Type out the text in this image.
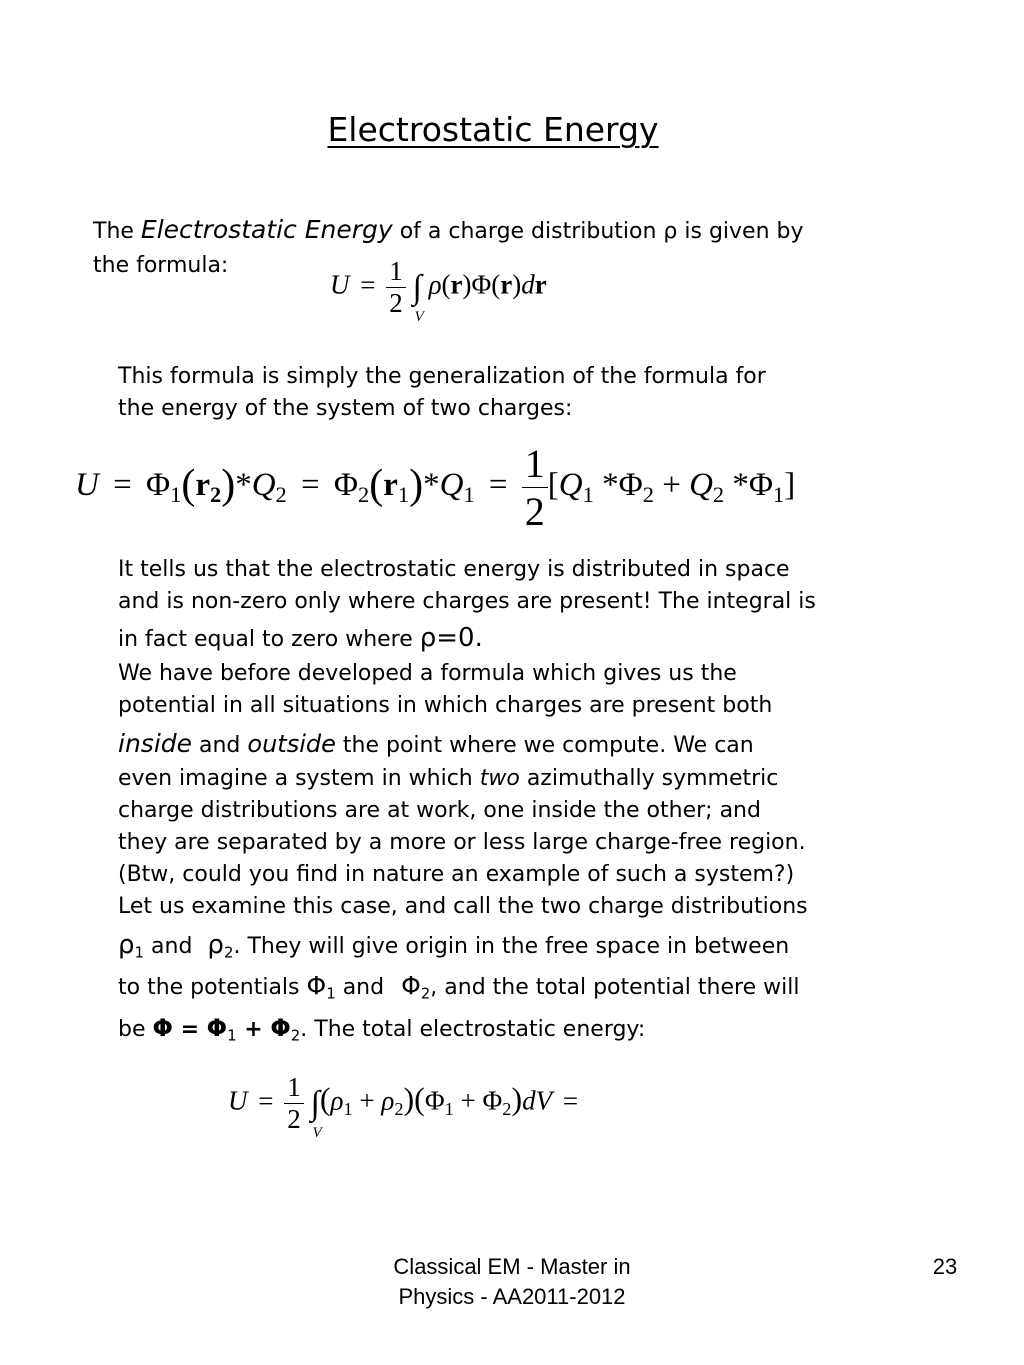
Electrostatic Energy
The Electrostatic Energy of a charge distribution ρ is given by
the formula:
$U = \frac{1}{2}$ ∫
V
ρ(r)Φ(r)dr
This formula is simply the generalization of the formula for
the energy of the system of two charges:
$U = \Phi_1(r_2)*Q_2 = \Phi_2(r_1)*Q_1 = \frac{1}{2} [Q_1$ $*\Phi_2 + Q_2$ $*\Phi_1$]
It tells us that the electrostatic energy is distributed in space
and is non-zero only where charges are present! The integral is
in fact equal to zero where ρ=0.
We have before developed a formula which gives us the
potential in all situations in which charges are present both
inside and outside the point where we compute. We can
even imagine a system in which two azimuthally symmetric
charge distributions are at work, one inside the other; and
they are separated by a more or less large charge-free region.
(Btw, could you find in nature an example of such a system?)
Let us examine this case, and call the two charge distributions
$\rho_1$ and $\rho_2$. They will give origin in the free space in between
to the potentials $\Phi_1$ and $\Phi_2$, and the total potential there will
be $\Phi = \Phi_1 + \Phi_2$. The total electrostatic energy:
$U = \frac{1}{2}$ ∫
V
$(\rho_1 + \rho_2)(\Phi_1 + \Phi_2)dV$ =
Classical EM - Master in
Physics - AA2011-2012
23
